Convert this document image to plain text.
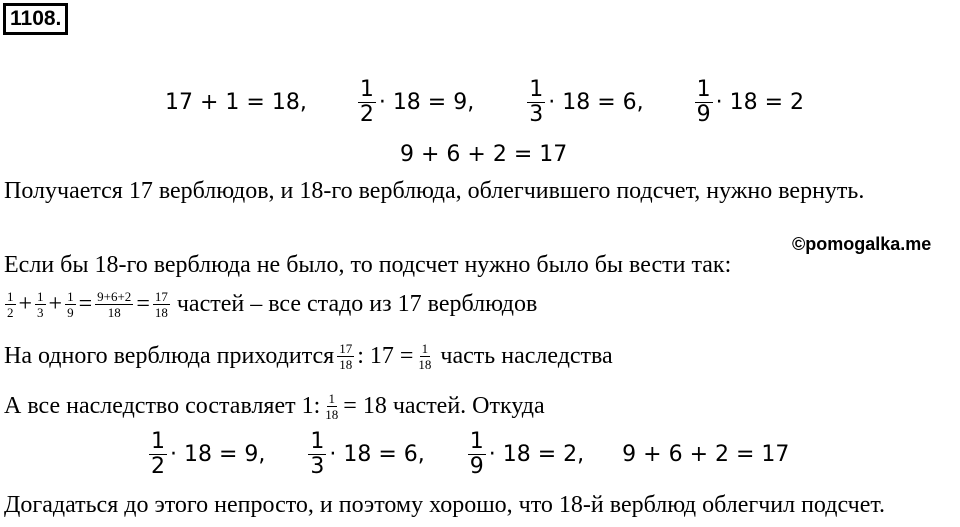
1108.
17 + 1 = 18, $\frac{1}{2} \cdot 18 = 9$, $\frac{1}{3} \cdot 18 = 6$, $\frac{1}{9} \cdot 18 = 2$
9 + 6 + 2 = 17
Получается 17 верблюдов, и 18-го верблюда, облегчившего подсчет, нужно вернуть.
©pomogalka.me
Если бы 18-го верблюда не было, то подсчет нужно было бы вести так:
$\frac{1}{2} + \frac{1}{3} + \frac{1}{9} = \frac{9+6+2}{18} = \frac{17}{18}$ частей – все стадо из 17 верблюдов
На одного верблюда приходится $\frac{17}{18}$ : $17 = \frac{1}{18}$ часть наследства
А все наследство составляет 1: $\frac{1}{18} = 18$ частей. Откуда
$\frac{1}{2} \cdot 18 = 9$, $\frac{1}{3} \cdot 18 = 6$, $\frac{1}{9} \cdot 18 = 2$, 9 + 6 + 2 = 17
Догадаться до этого непросто, и поэтому хорошо, что 18-й верблюд облегчил подсчет.
